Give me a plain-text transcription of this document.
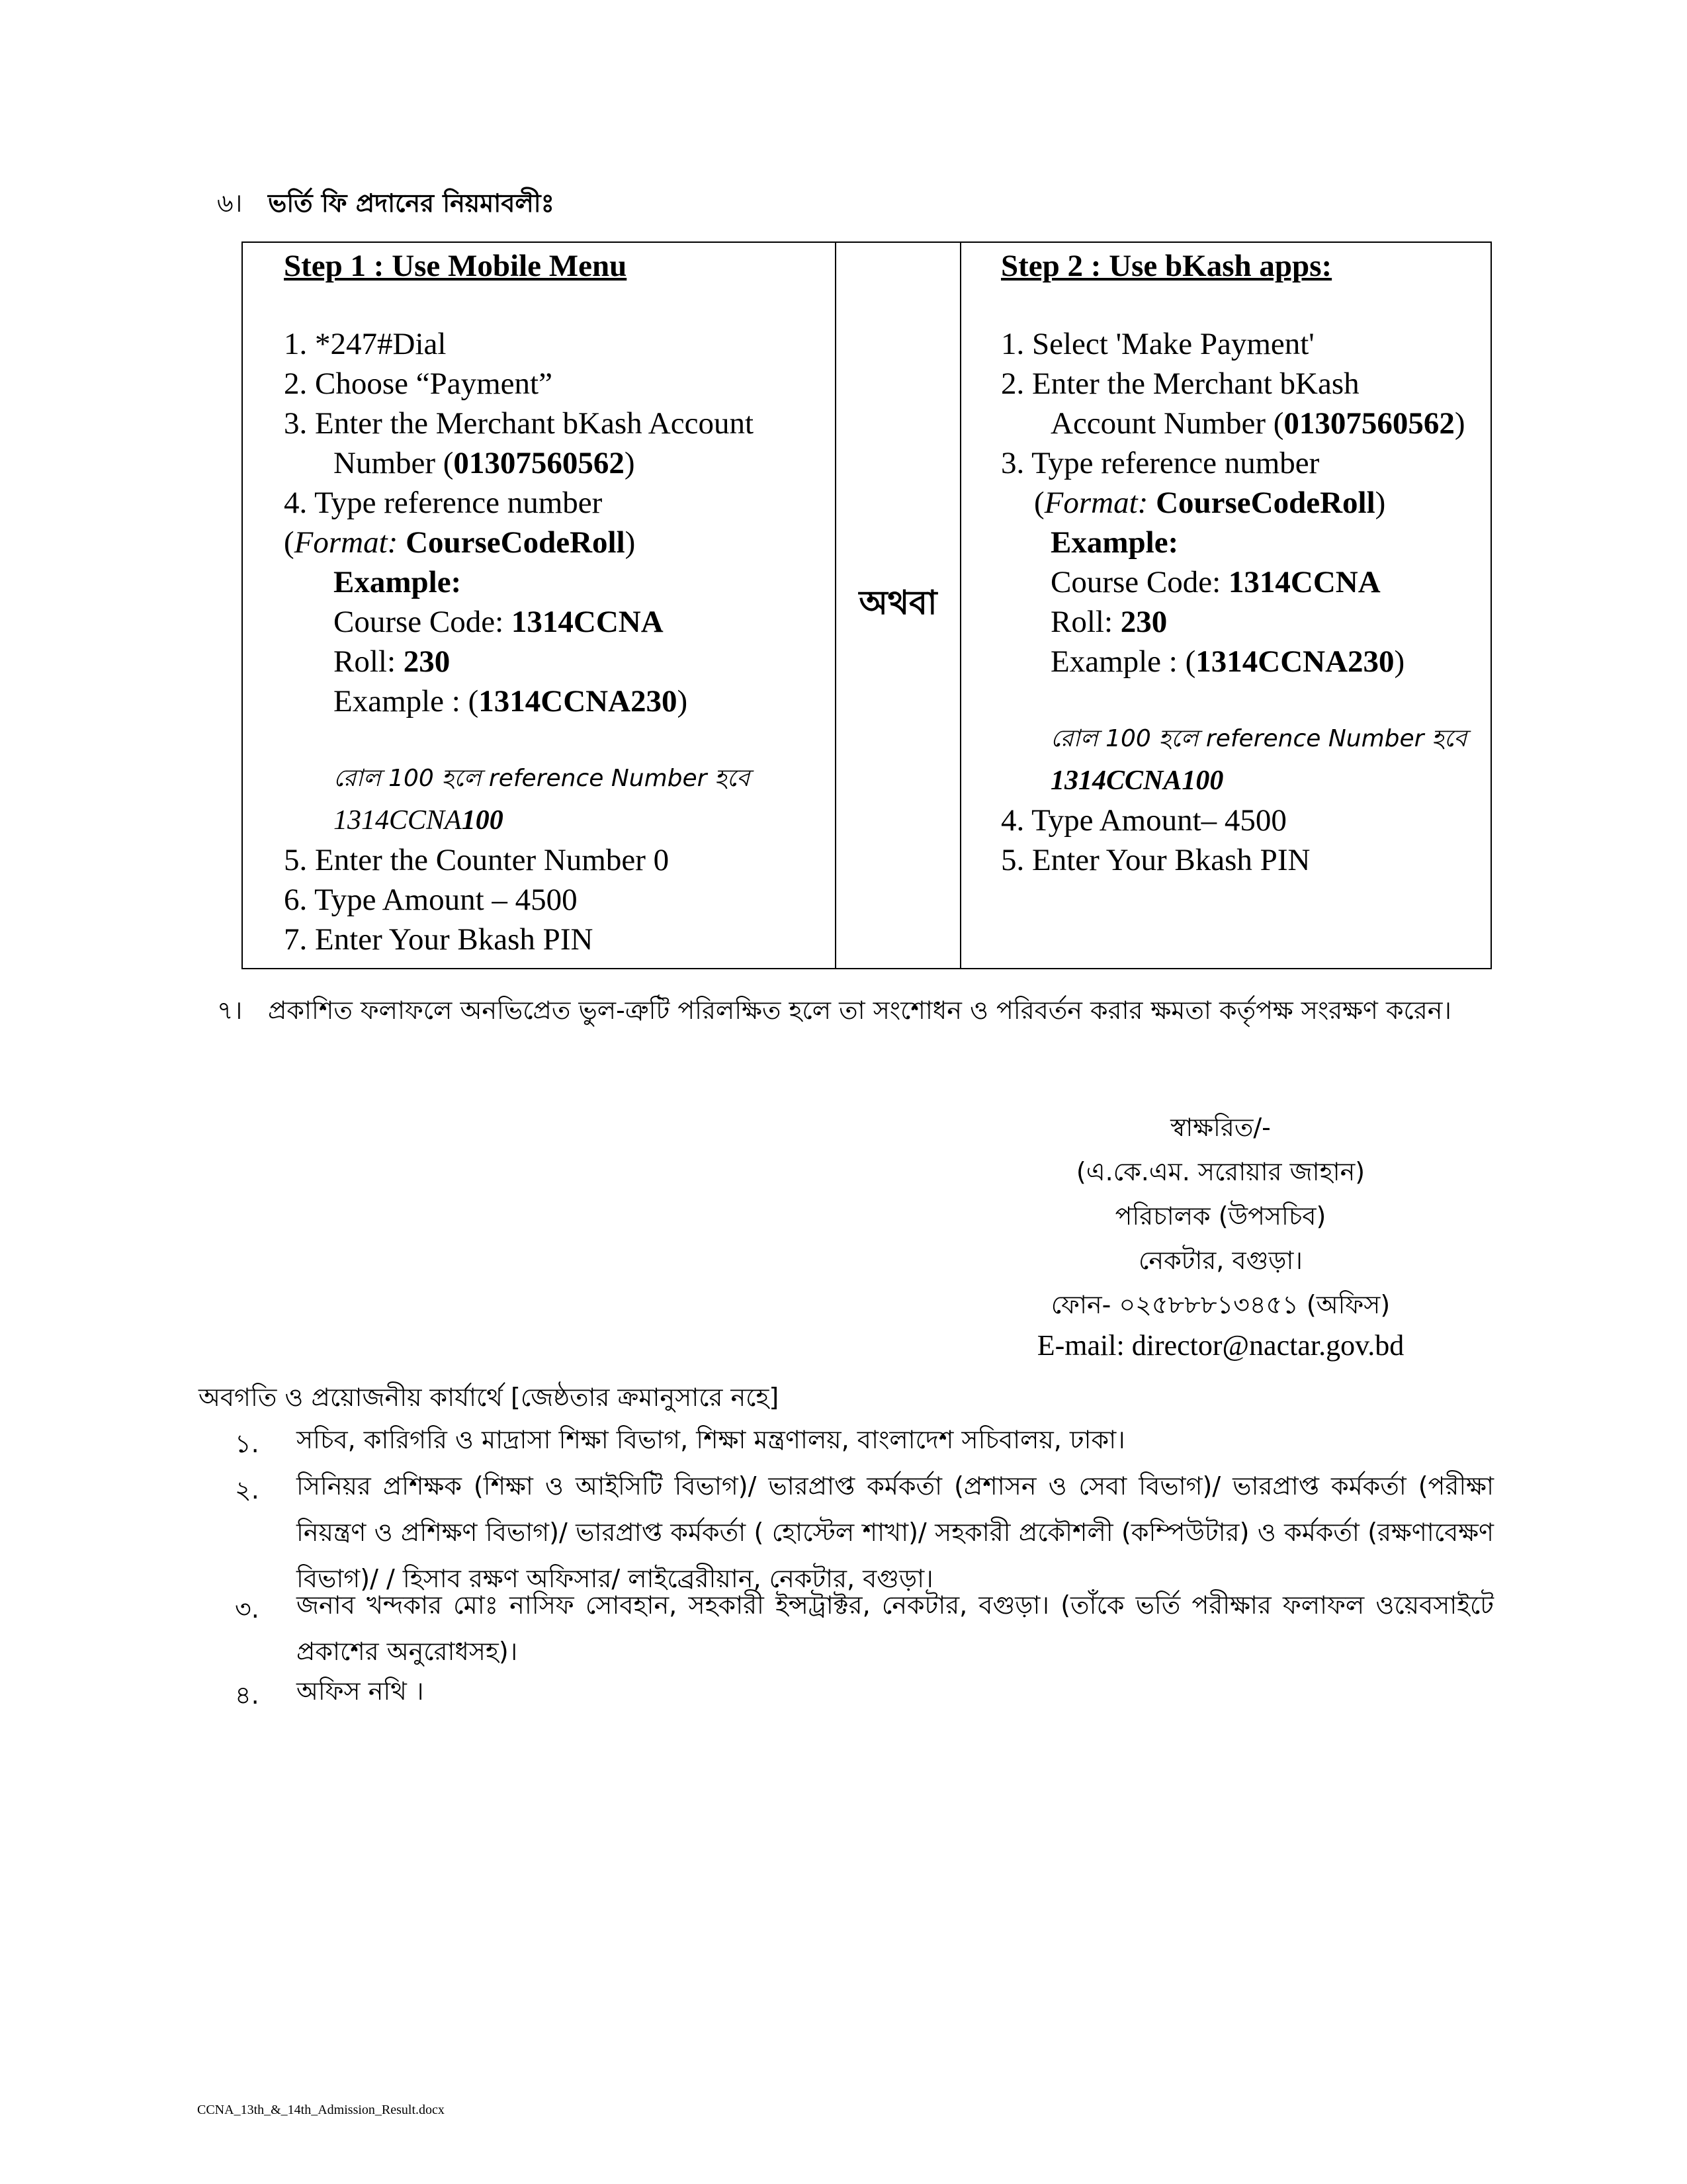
৬। ভর্তি ফি প্রদানের নিয়মাবলীঃ
Step 1 : Use Mobile Menu
1. *247#Dial
2. Choose “Payment”
3. Enter the Merchant bKash Account
Number (01307560562)
4. Type reference number
(Format: CourseCodeRoll)
Example:
Course Code: 1314CCNA
Roll: 230
Example : (1314CCNA230)
রোল 100 হলে reference Number হবে
1314CCNA100
5. Enter the Counter Number 0
6. Type Amount – 4500
7. Enter Your Bkash PIN
	অথবা	
Step 2 : Use bKash apps:
1. Select 'Make Payment'
2. Enter the Merchant bKash
Account Number (01307560562)
3. Type reference number
(Format: CourseCodeRoll)
Example:
Course Code: 1314CCNA
Roll: 230
Example : (1314CCNA230)
রোল 100 হলে reference Number হবে
1314CCNA100
4. Type Amount– 4500
5. Enter Your Bkash PIN
৭। প্রকাশিত ফলাফলে অনভিপ্রেত ভুল-ত্রুটি পরিলক্ষিত হলে তা সংশোধন ও পরিবর্তন করার ক্ষমতা কর্তৃপক্ষ সংরক্ষণ করেন।
স্বাক্ষরিত/-
(এ.কে.এম. সরোয়ার জাহান)
পরিচালক (উপসচিব)
নেকটার, বগুড়া।
ফোন- ০২৫৮৮৮১৩৪৫১ (অফিস)
E-mail: director@nactar.gov.bd
অবগতি ও প্রয়োজনীয় কার্যার্থে [জেষ্ঠতার ক্রমানুসারে নহে]
১. সচিব, কারিগরি ও মাদ্রাসা শিক্ষা বিভাগ, শিক্ষা মন্ত্রণালয়, বাংলাদেশ সচিবালয়, ঢাকা।
২. সিনিয়র প্রশিক্ষক (শিক্ষা ও আইসিটি বিভাগ)/ ভারপ্রাপ্ত কর্মকর্তা (প্রশাসন ও সেবা বিভাগ)/ ভারপ্রাপ্ত কর্মকর্তা (পরীক্ষা নিয়ন্ত্রণ ও প্রশিক্ষণ বিভাগ)/ ভারপ্রাপ্ত কর্মকর্তা ( হোস্টেল শাখা)/ সহকারী প্রকৌশলী (কম্পিউটার) ও কর্মকর্তা (রক্ষণাবেক্ষণ বিভাগ)/ / হিসাব রক্ষণ অফিসার/ লাইব্রেরীয়ান, নেকটার, বগুড়া।
৩. জনাব খন্দকার মোঃ নাসিফ সোবহান, সহকারী ইন্সট্রাক্টর, নেকটার, বগুড়া। (তাঁকে ভর্তি পরীক্ষার ফলাফল ওয়েবসাইটে প্রকাশের অনুরোধসহ)।
৪. অফিস নথি ।
CCNA_13th_&_14th_Admission_Result.docx
